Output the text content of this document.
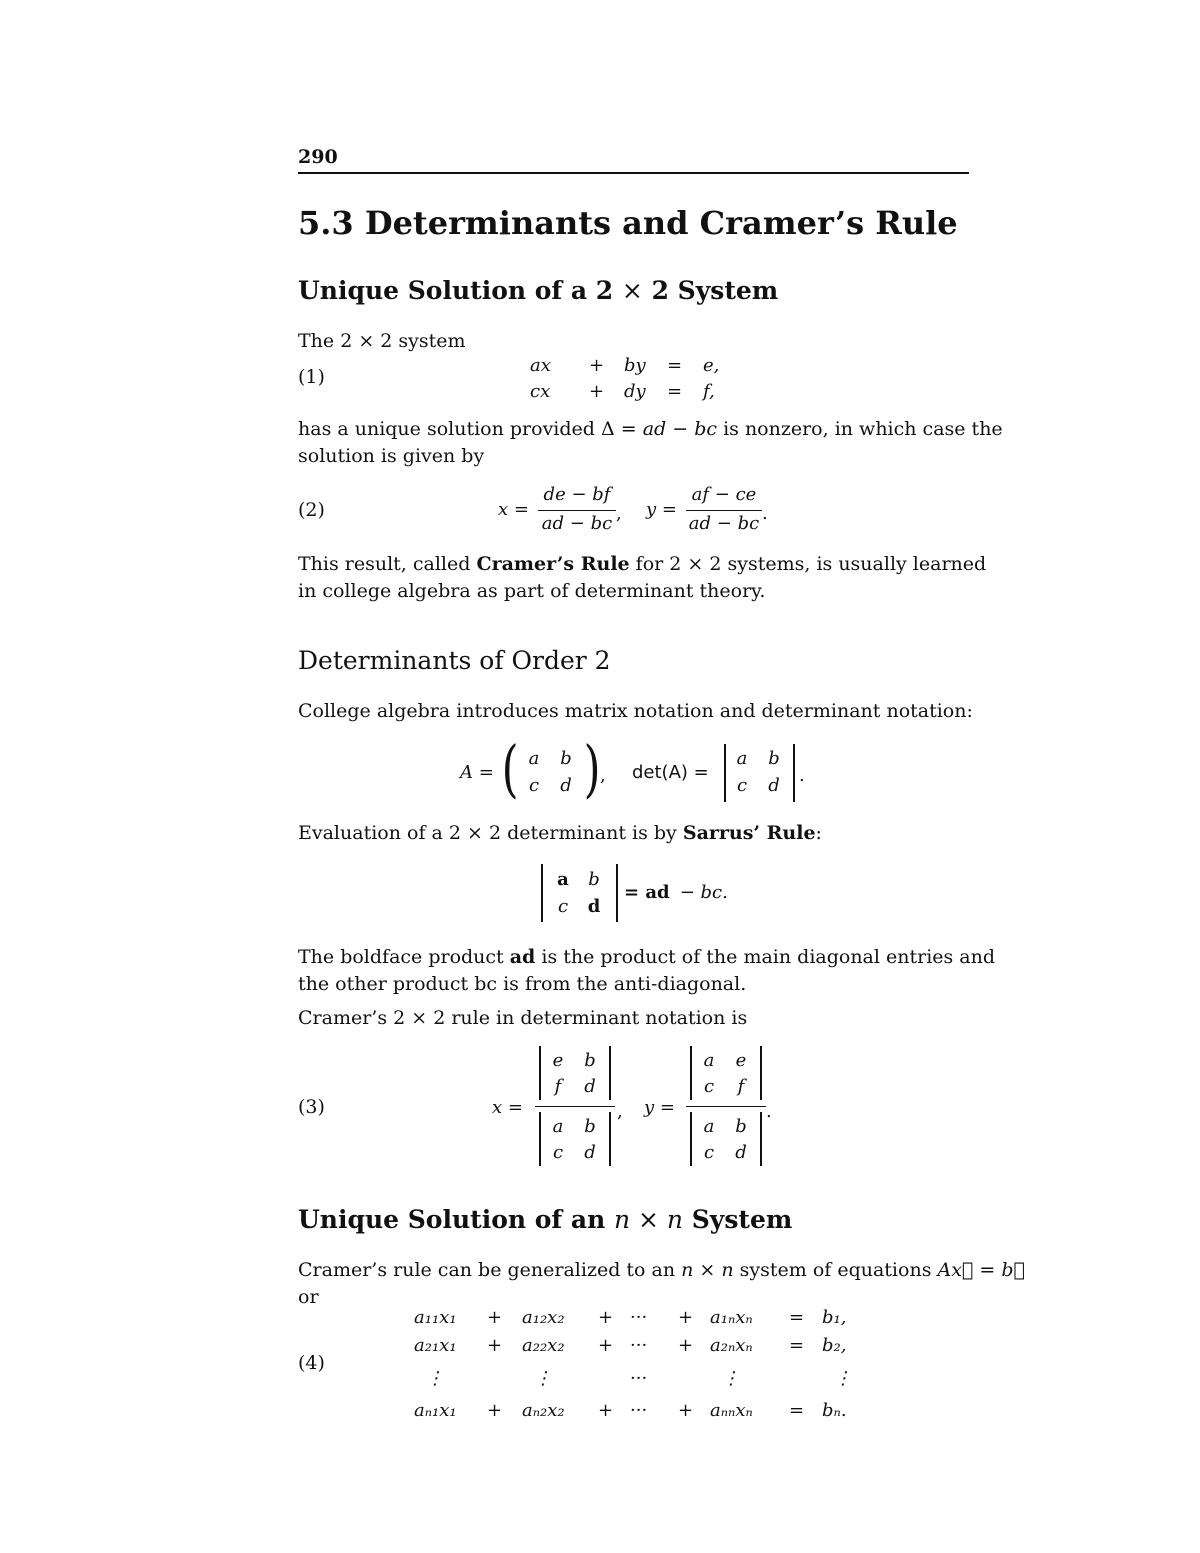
290
5.3 Determinants and Cramer’s Rule
Unique Solution of a 2 × 2 System
The 2 × 2 system
(1)
ax + by = e,
cx + dy = f,
has a unique solution provided Δ = ad − bc is nonzero, in which case the
solution is given by
(2)	x =
de − bf
ad − bc , y =
af − ce
ad − bc .
This result, called Cramer’s Rule for 2 × 2 systems, is usually learned
in college algebra as part of determinant theory.
Determinants of Order 2
College algebra introduces matrix notation and determinant notation:
A = ( a	b
c	d ) , det(A) =
a	b
c	d	.
Evaluation of a 2 × 2 determinant is by Sarrus’ Rule:
a	b
c	d
= ad − bc.
The boldface product ad is the product of the main diagonal entries and
the other product bc is from the anti-diagonal.
Cramer’s 2 × 2 rule in determinant notation is
(3)	x =
e	b
f	d
a	b
c	d
, y =
a	e
c	f
a	b
c	d
.
Unique Solution of an n × n System
Cramer’s rule can be generalized to an n × n system of equations Ax⃗ = b⃗
or
(4)
a₁₁x₁ + a₁₂x₂ + ··· + a₁ₙxₙ = b₁,
a₂₁x₁ + a₂₂x₂ + ··· + a₂ₙxₙ = b₂,
⋮	⋮	···	⋮	⋮
aₙ₁x₁ + aₙ₂x₂ + ··· + aₙₙxₙ = bₙ.
